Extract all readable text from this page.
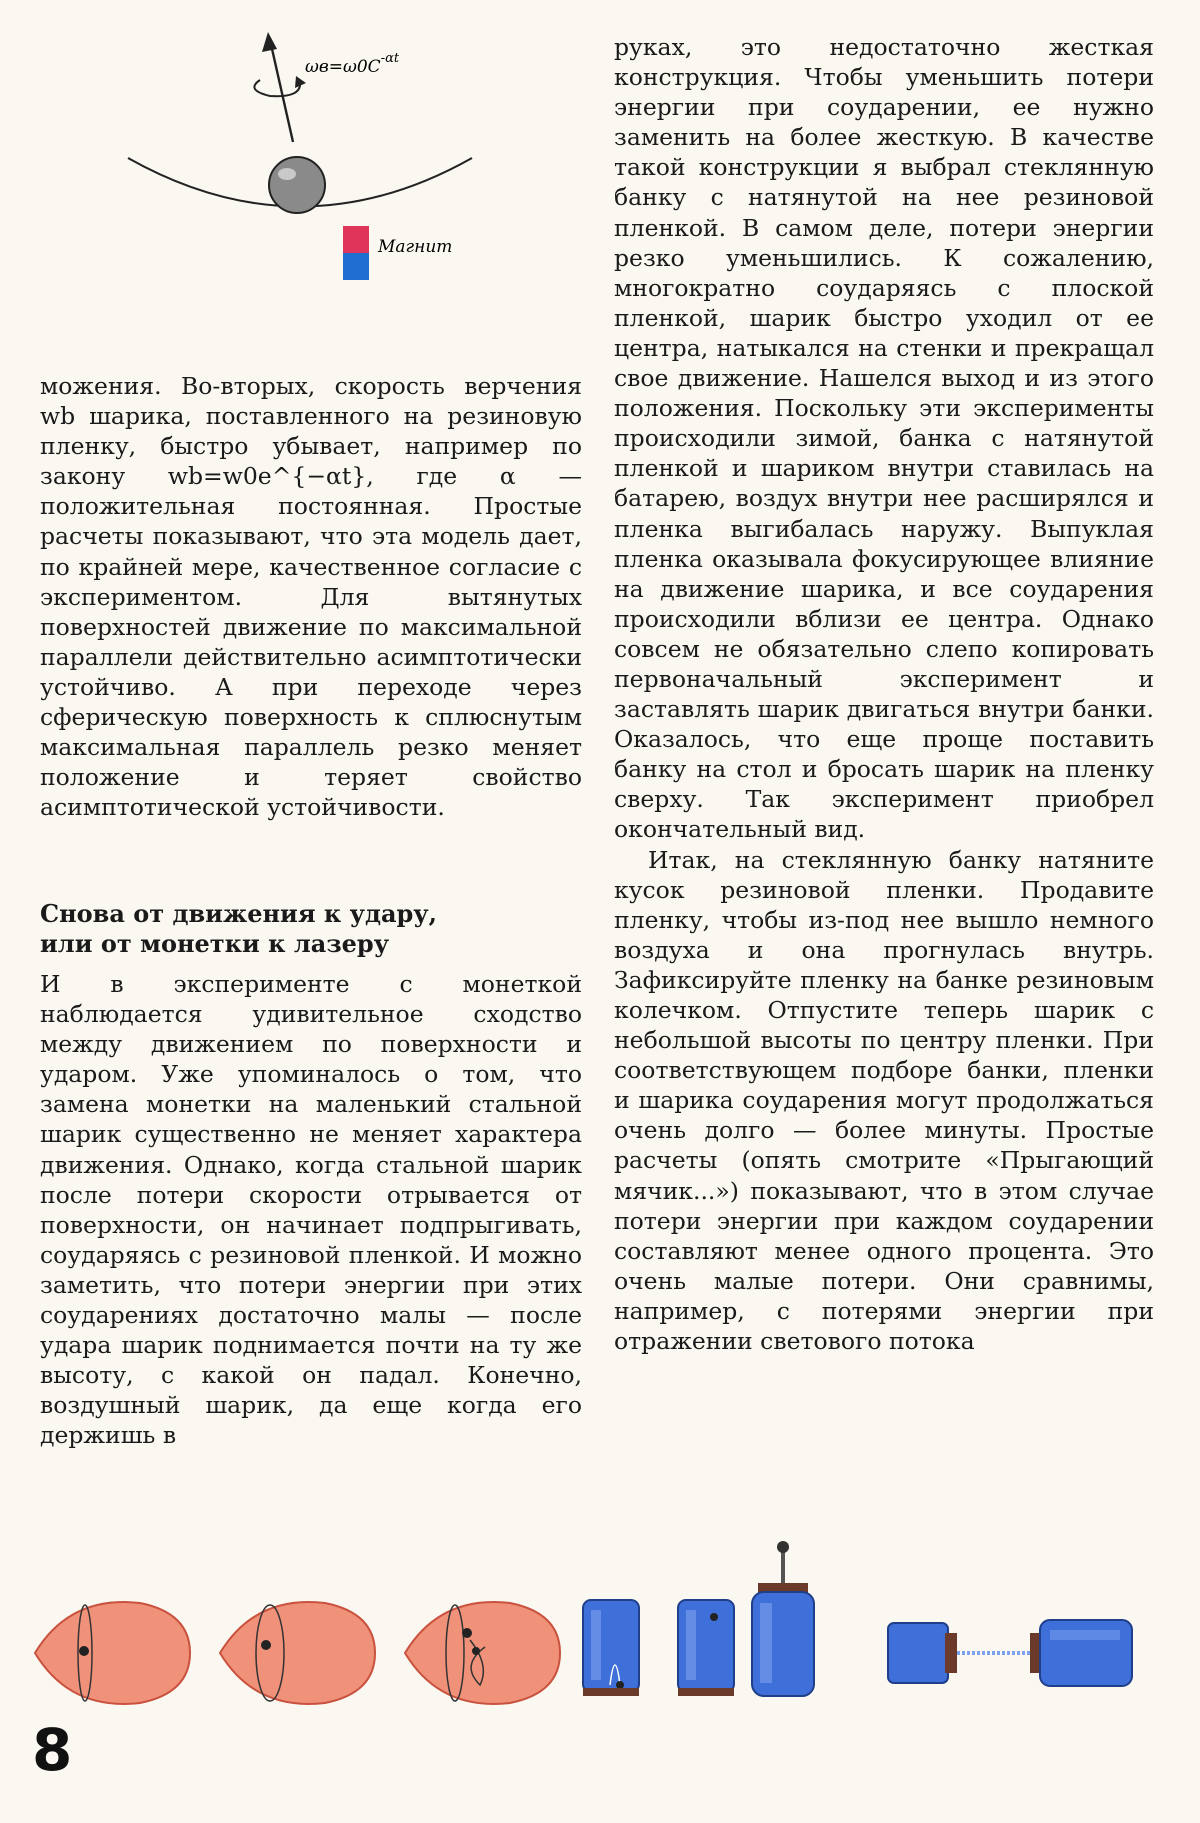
$\omega в=\omega 0C^{-\alpha t}$
Магнит

можения. Во-вторых, скорость верчения wb шарика, поставленного на резиновую пленку, быстро убывает, например по закону wb=w0e^{−αt}, где α — положительная постоянная. Простые расчеты показывают, что эта модель дает, по крайней мере, качественное согласие с экспериментом. Для вытянутых поверхностей движение по максимальной параллели действительно асимптотически устойчиво. А при переходе через сферическую поверхность к сплюснутым максимальная параллель резко меняет положение и теряет свойство асимптотической устойчивости.

Снова от движения к удару,
или от монетки к лазеру

И в эксперименте с монеткой наблюдается удивительное сходство между движением по поверхности и ударом. Уже упоминалось о том, что замена монетки на маленький стальной шарик существенно не меняет характера движения. Однако, когда стальной шарик после потери скорости отрывается от поверхности, он начинает подпрыгивать, соударяясь с резиновой пленкой. И можно заметить, что потери энергии при этих соударениях достаточно малы — после удара шарик поднимается почти на ту же высоту, с какой он падал. Конечно, воздушный шарик, да еще когда его держишь в

руках, это недостаточно жесткая конструкция. Чтобы уменьшить потери энергии при соударении, ее нужно заменить на более жесткую. В качестве такой конструкции я выбрал стеклянную банку с натянутой на нее резиновой пленкой. В самом деле, потери энергии резко уменьшились. К сожалению, многократно соударяясь с плоской пленкой, шарик быстро уходил от ее центра, натыкался на стенки и прекращал свое движение. Нашелся выход и из этого положения. Поскольку эти эксперименты происходили зимой, банка с натянутой пленкой и шариком внутри ставилась на батарею, воздух внутри нее расширялся и пленка выгибалась наружу. Выпуклая пленка оказывала фокусирующее влияние на движение шарика, и все соударения происходили вблизи ее центра. Однако совсем не обязательно слепо копировать первоначальный эксперимент и заставлять шарик двигаться внутри банки. Оказалось, что еще проще поставить банку на стол и бросать шарик на пленку сверху. Так эксперимент приобрел окончательный вид.

Итак, на стеклянную банку натяните кусок резиновой пленки. Продавите пленку, чтобы из-под нее вышло немного воздуха и она прогнулась внутрь. Зафиксируйте пленку на банке резиновым колечком. Отпустите теперь шарик с небольшой высоты по центру пленки. При соответствующем подборе банки, пленки и шарика соударения могут продолжаться очень долго — более минуты. Простые расчеты (опять смотрите «Прыгающий мячик...») показывают, что в этом случае потери энергии при каждом соударении составляют менее одного процента. Это очень малые потери. Они сравнимы, например, с потерями энергии при отражении светового потока

8
